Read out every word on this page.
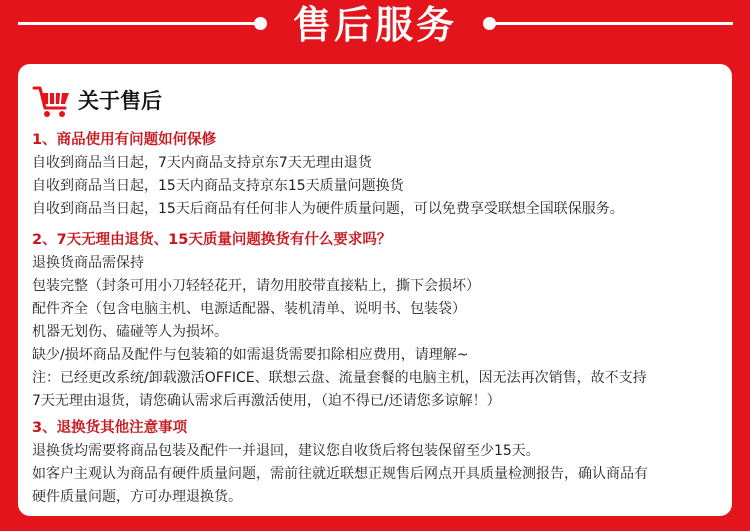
售后服务
关于售后
1、商品使用有问题如何保修
自收到商品当日起，7天内商品支持京东7天无理由退货
自收到商品当日起，15天内商品支持京东15天质量问题换货
自收到商品当日起，15天后商品有任何非人为硬件质量问题，可以免费享受联想全国联保服务。
2、7天无理由退货、15天质量问题换货有什么要求吗？
退换货商品需保持
包装完整（封条可用小刀轻轻花开，请勿用胶带直接粘上，撕下会损坏）
配件齐全（包含电脑主机、电源适配器、装机清单、说明书、包装袋）
机器无划伤、磕碰等人为损坏。
缺少/损坏商品及配件与包装箱的如需退货需要扣除相应费用，请理解~
注：已经更改系统/卸载激活OFFICE、联想云盘、流量套餐的电脑主机，因无法再次销售，故不支持
7天无理由退货，请您确认需求后再激活使用，（迫不得已/还请您多谅解！）
3、退换货其他注意事项
退换货均需要将商品包装及配件一并退回，建议您自收货后将包装保留至少15天。
如客户主观认为商品有硬件质量问题，需前往就近联想正规售后网点开具质量检测报告，确认商品有
硬件质量问题，方可办理退换货。
